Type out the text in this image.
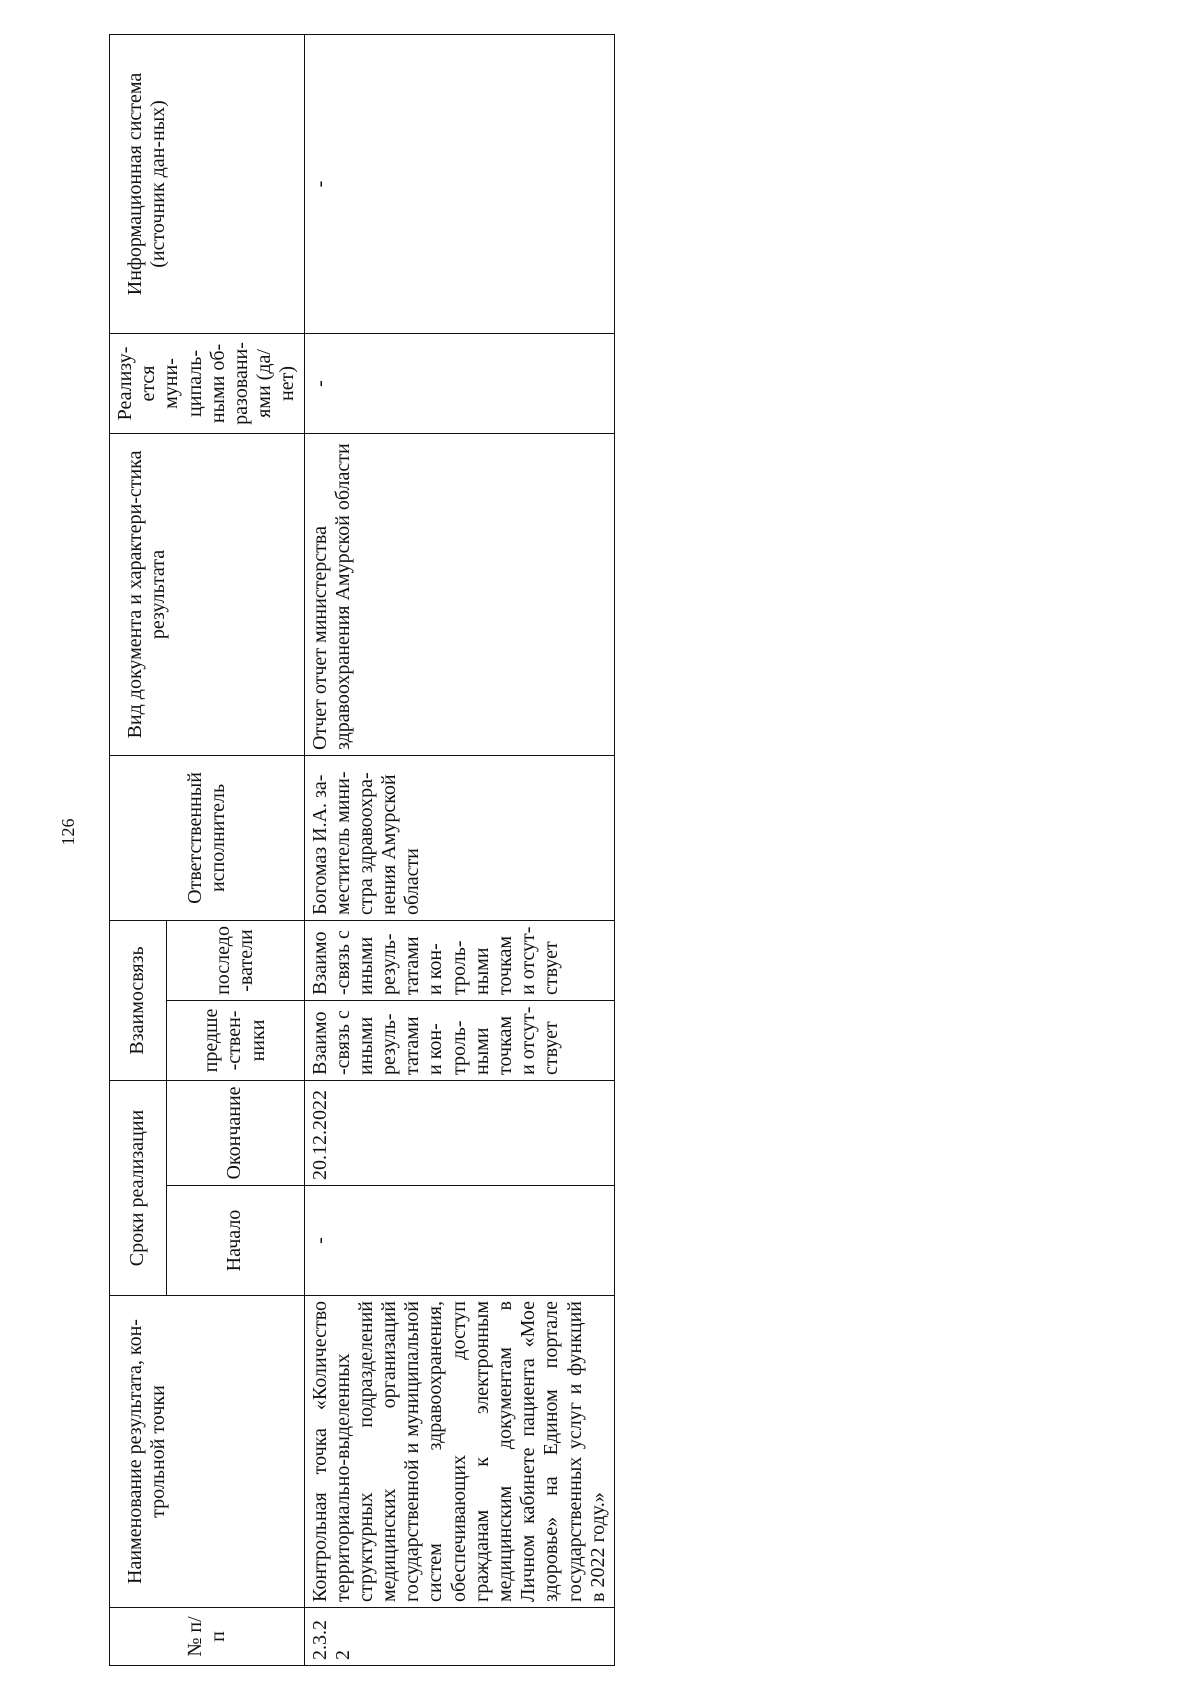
126
№ п/п	Наименование результата, кон-трольной точки	Сроки реализации		Взаимосвязь		Ответственный исполнитель	Вид документа и характери-стика результата	Реализу-ется муни-ципаль-ными об-разовани-ями (да/нет)	Информацио​нная система (источник дан-ных)
		Начало	Окончание	предше-ствен-ники	последо-ватели				
2.3.22	Контрольная точка «Количество территориально-выделенных структурных подразделений медицинских организаций государственной и муниципальной систем здравоохранения, обеспечивающих доступ гражданам к электронным медицинским документам в Личном кабинете пациента «Мое здоровье» на Едином портале государственных услуг и функций в 2022 году.»	-	20.12.2022	Взаимо-связь с иными резуль-татами и кон-троль-ными точками отсут-ствует	Взаимо-связь с иными резуль-татами и кон-троль-ными точками отсут-ствует	Богомаз И.А. за-меститель мини-стра здравоохра-нения Амурской области	Отчет отчет министерства здравоохранения Амурской области	-	-
